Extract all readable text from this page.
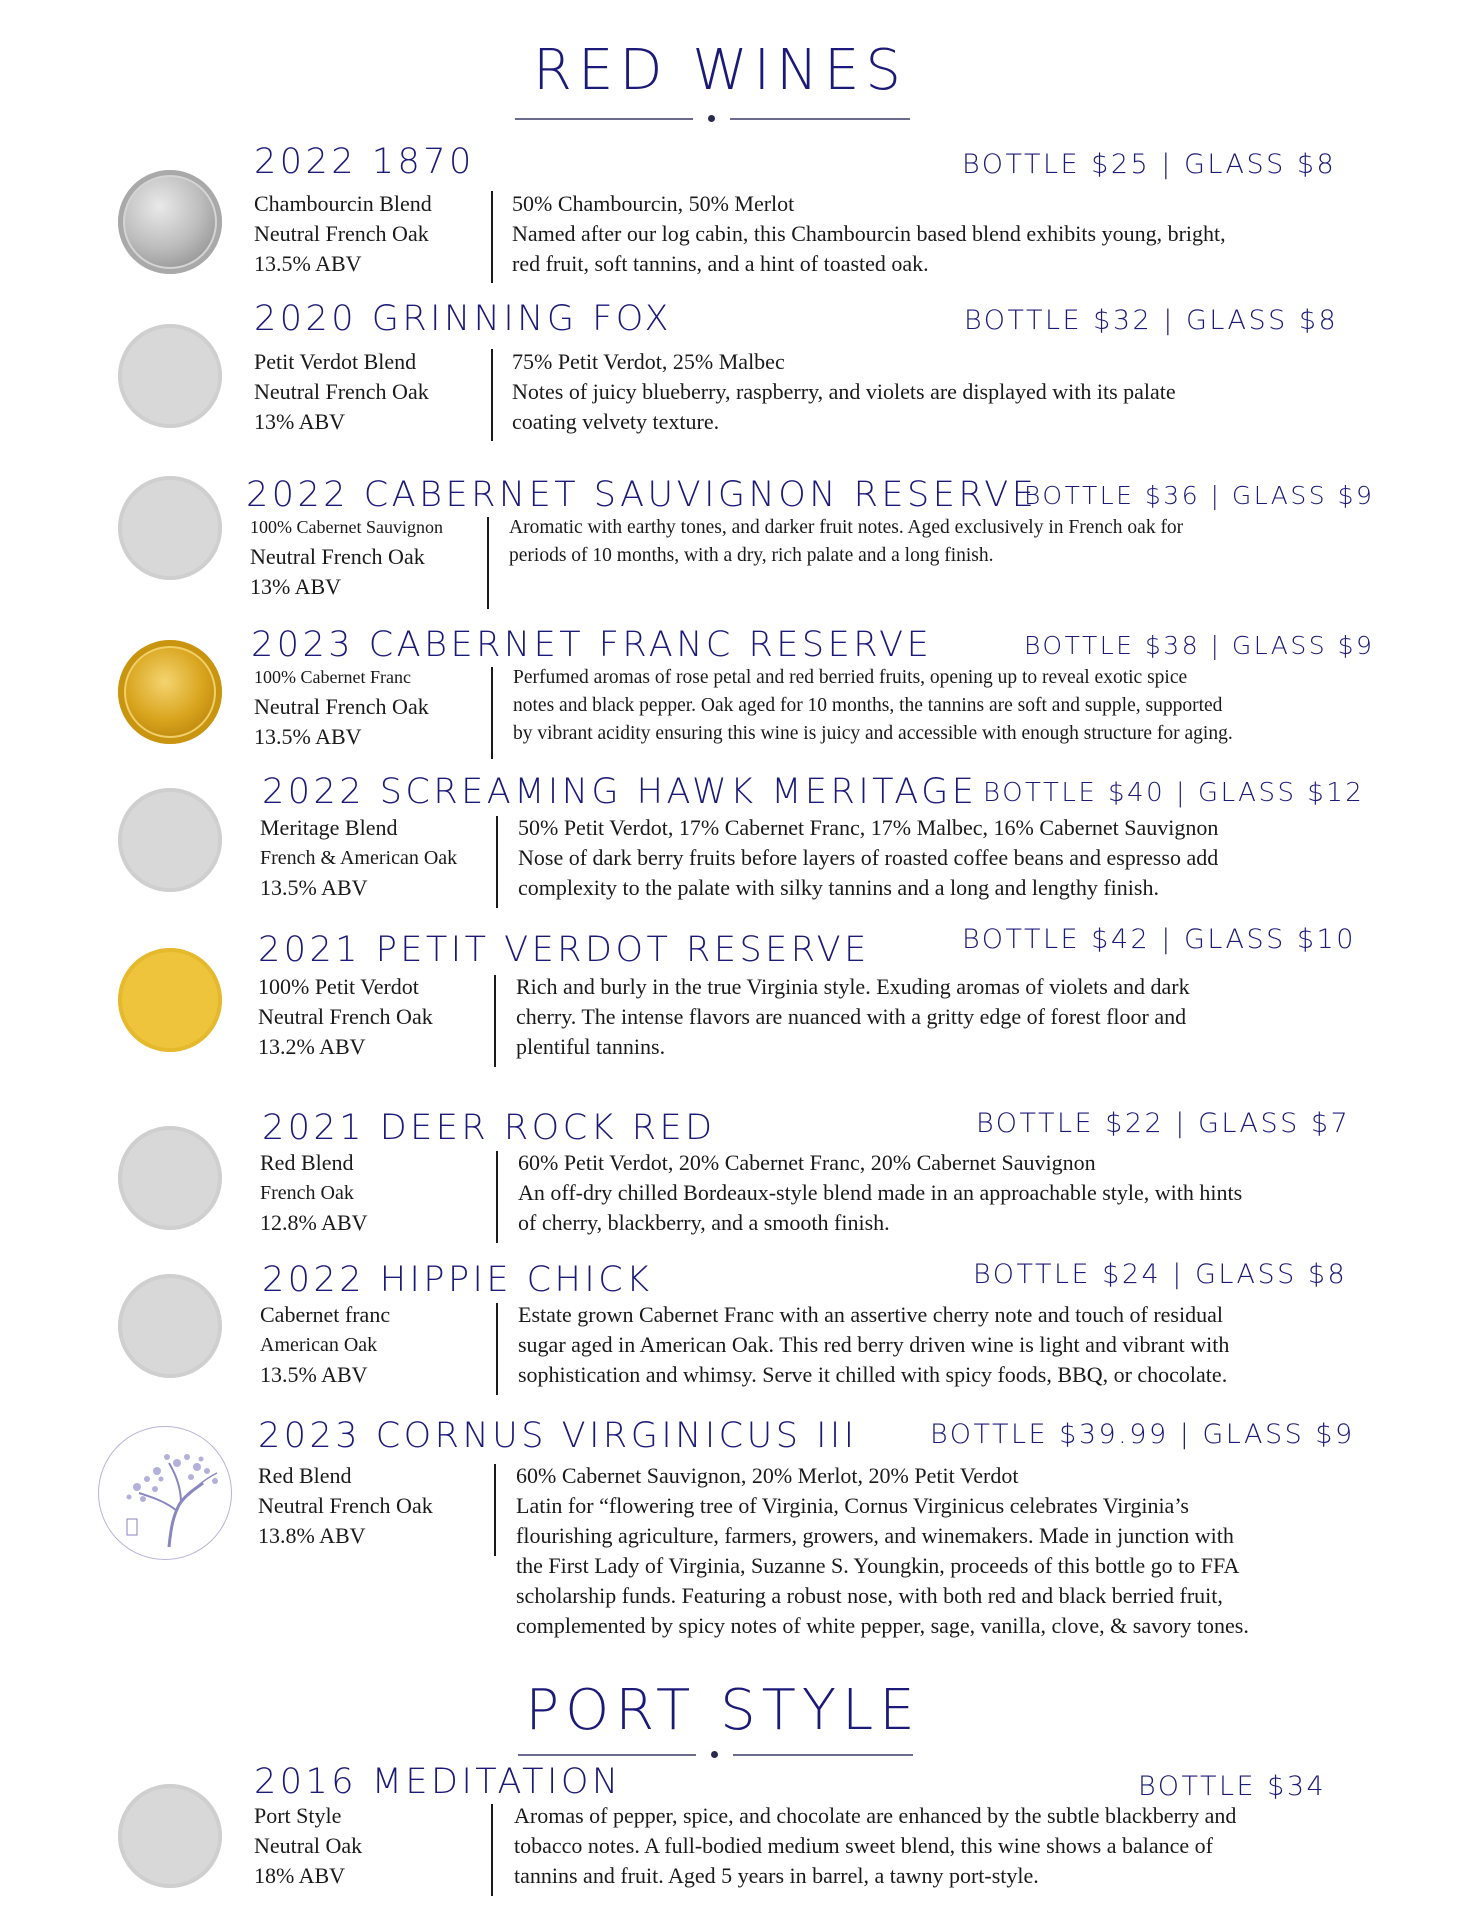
RED WINES
2022 1870	BOTTLE $25 | GLASS $8
Chambourcin Blend
Neutral French Oak
13.5% ABV
50% Chambourcin, 50% Merlot
Named after our log cabin, this Chambourcin based blend exhibits young, bright,
red fruit, soft tannins, and a hint of toasted oak.
2020 GRINNING FOX	BOTTLE $32 | GLASS $8
Petit Verdot Blend
Neutral French Oak
13% ABV
75% Petit Verdot, 25% Malbec
Notes of juicy blueberry, raspberry, and violets are displayed with its palate
coating velvety texture.
2022 CABERNET SAUVIGNON RESERVE
BOTTLE $36 | GLASS $9
100% Cabernet Sauvignon
Neutral French Oak
13% ABV
Aromatic with earthy tones, and darker fruit notes. Aged exclusively in French oak for
periods of 10 months, with a dry, rich palate and a long finish.
2023 CABERNET FRANC RESERVE	BOTTLE $38 | GLASS $9
100% Cabernet Franc
Neutral French Oak
13.5% ABV
Perfumed aromas of rose petal and red berried fruits, opening up to reveal exotic spice
notes and black pepper. Oak aged for 10 months, the tannins are soft and supple, supported
by vibrant acidity ensuring this wine is juicy and accessible with enough structure for aging.
2022 SCREAMING HAWK MERITAGE BOTTLE $40 | GLASS $12
Meritage Blend
French & American Oak
13.5% ABV
50% Petit Verdot, 17% Cabernet Franc, 17% Malbec, 16% Cabernet Sauvignon
Nose of dark berry fruits before layers of roasted coffee beans and espresso add
complexity to the palate with silky tannins and a long and lengthy finish.
2021 PETIT VERDOT RESERVE	BOTTLE $42 | GLASS $10
100% Petit Verdot
Neutral French Oak
13.2% ABV
Rich and burly in the true Virginia style. Exuding aromas of violets and dark
cherry. The intense flavors are nuanced with a gritty edge of forest floor and
plentiful tannins.
2021 DEER ROCK RED	BOTTLE $22 | GLASS $7
Red Blend
French Oak
12.8% ABV
60% Petit Verdot, 20% Cabernet Franc, 20% Cabernet Sauvignon
An off-dry chilled Bordeaux-style blend made in an approachable style, with hints
of cherry, blackberry, and a smooth finish.
2022 HIPPIE CHICK	BOTTLE $24 | GLASS $8
Cabernet franc
American Oak
13.5% ABV
Estate grown Cabernet Franc with an assertive cherry note and touch of residual
sugar aged in American Oak. This red berry driven wine is light and vibrant with
sophistication and whimsy. Serve it chilled with spicy foods, BBQ, or chocolate.
2023 CORNUS VIRGINICUS III	BOTTLE $39.99 | GLASS $9
Red Blend
Neutral French Oak
13.8% ABV
60% Cabernet Sauvignon, 20% Merlot, 20% Petit Verdot
Latin for “flowering tree of Virginia, Cornus Virginicus celebrates Virginia’s
flourishing agriculture, farmers, growers, and winemakers. Made in junction with
the First Lady of Virginia, Suzanne S. Youngkin, proceeds of this bottle go to FFA
scholarship funds. Featuring a robust nose, with both red and black berried fruit,
complemented by spicy notes of white pepper, sage, vanilla, clove, & savory tones.
PORT STYLE
2016 MEDITATION	BOTTLE $34
Port Style
Neutral Oak
18% ABV
Aromas of pepper, spice, and chocolate are enhanced by the subtle blackberry and
tobacco notes. A full-bodied medium sweet blend, this wine shows a balance of
tannins and fruit. Aged 5 years in barrel, a tawny port-style.
